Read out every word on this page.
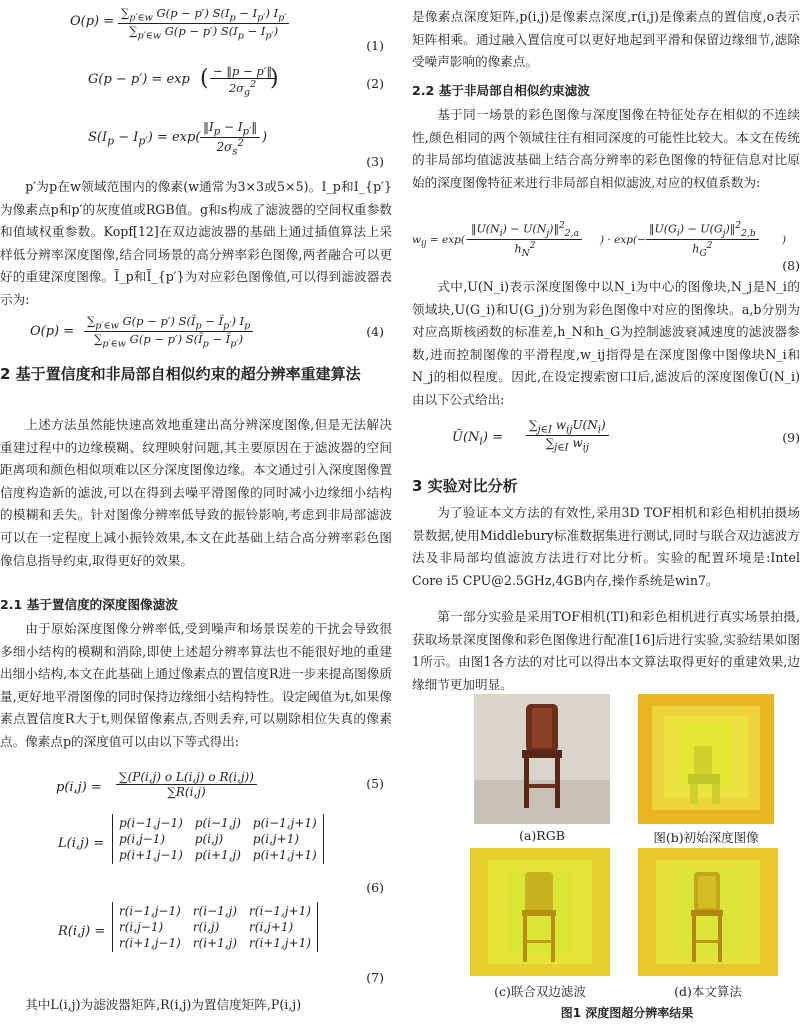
$O(p) = \frac{\sum_{p'\in w} G(p - p') S(I_p - I_{p'}) I_{p'}}{\sum_{p'\in w} G(p - p') S(I_p - I_{p'})}$
(1)
G(p − p′) = exp ( $\frac{- ‖p - p'‖}{2\sigma_g^2}$
)	(2)
$S(I_p - I_{p'}) = \exp( \frac{‖I_p - I_{p'}‖}{2\sigma_s^2}$ )
(3)

p′为p在w领域范围内的像素(w通常为3×3或5×5)。I_p和I_{p′}为像素点p和p′的灰度值或RGB值。g和s构成了滤波器的空间权重参数和值域权重参数。Kopf[12]在双边滤波器的基础上通过插值算法上采样低分辨率深度图像,结合同场景的高分辨率彩色图像,两者融合可以更好的重建深度图像。Ĩ_p和Ĩ_{p′}为对应彩色图像值,可以得到滤波器表示为:

$O(p) = \frac{\sum_{p'\in w} G(p - p') S(Ĩ_p - Ĩ_{p'}) I_p}{\sum_{p'\in w} G(p - p') S(Ĩ_p - Ĩ_{p'})}$	(4)
2 基于置信度和非局部自相似约束的超分辨率重建算法

上述方法虽然能快速高效地重建出高分辨深度图像,但是无法解决重建过程中的边缘模糊、纹理映射问题,其主要原因在于滤波器的空间距离项和颜色相似项难以区分深度图像边缘。本文通过引入深度图像置信度构造新的滤波,可以在得到去噪平滑图像的同时减小边缘细小结构的模糊和丢失。针对图像分辨率低导致的振铃影响,考虑到非局部滤波可以在一定程度上减小振铃效果,本文在此基础上结合高分辨率彩色图像信息指导约束,取得更好的效果。

2.1 基于置信度的深度图像滤波

由于原始深度图像分辨率低,受到噪声和场景误差的干扰会导致很多细小结构的模糊和消除,即使上述超分辨率算法也不能很好地的重建出细小结构,本文在此基础上通过像素点的置信度R进一步来提高图像质量,更好地平滑图像的同时保持边缘细小结构特性。设定阈值为t,如果像素点置信度R大于t,则保留像素点,否则丢弃,可以剔除相位失真的像素点。像素点p的深度值可以由以下等式得出:

$p(i,j) = \frac{\text{∑(P(i,j) o L(i,j) o R(i,j))}}{\sum R(i,j)}$	(5)
L(i,j) =
p(i−1,j−1) p(i−1,j) p(i−1,j+1)
p(i,j−1)	p(i,j)	p(i,j+1)
p(i+1,j−1) p(i+1,j) p(i+1,j+1)
(6)
R(i,j) =
r(i−1,j−1) r(i−1,j) r(i−1,j+1)
r(i,j−1)	r(i,j)	r(i,j+1)
r(i+1,j−1) r(i+1,j) r(i+1,j+1)
(7)

其中L(i,j)为滤波器矩阵,R(i,j)为置信度矩阵,P(i,j)

是像素点深度矩阵,p(i,j)是像素点深度,r(i,j)是像素点的置信度,o表示矩阵相乘。通过融入置信度可以更好地起到平滑和保留边缘细节,滤除受噪声影响的像素点。

2.2 基于非局部自相似约束滤波

基于同一场景的彩色图像与深度图像在特征处存在相似的不连续性,颜色相同的两个领域往往有相同深度的可能性比较大。本文在传统的非局部均值滤波基础上结合高分辨率的彩色图像的特征信息对比原始的深度图像特征来进行非局部自相似滤波,对应的权值系数为:

$w_{ij} = \exp(-$
$\frac{‖U(N_i) - U(N_j)‖^2_{2,a}}{h_N^2}$ ) · $\exp(- \frac{‖U(G_i) - U(G_j)‖^2_{2,b}}{h_G^2}$ )
(8)

式中,U(N_i)表示深度图像中以N_i为中心的图像块,N_j是N_i的领域块,U(G_i)和U(G_j)分别为彩色图像中对应的图像块。a,b分别为对应高斯核函数的标准差,h_N和h_G为控制滤波衰减速度的滤波器参数,进而控制图像的平滑程度,w_ij指得是在深度图像中图像块N_i和N_j的相似程度。因此,在设定搜索窗口I后,滤波后的深度图像Ũ(N_i)由以下公式给出:

$Ũ(N_i)$ =
$\sum_{j\in I}$ $w_{ij}U(N_i)$
$\sum_{j\in I}$ $w_{ij}$
(9)
3 实验对比分析

为了验证本文方法的有效性,采用3D TOF相机和彩色相机拍摄场景数据,使用Middlebury标准数据集进行测试,同时与联合双边滤波方法及非局部均值滤波方法进行对比分析。实验的配置环境是:Intel Core i5 CPU@2.5GHz,4GB内存,操作系统是win7。

第一部分实验是采用TOF相机(TI)和彩色相机进行真实场景拍摄,获取场景深度图像和彩色图像进行配准[16]后进行实验,实验结果如图1所示。由图1各方法的对比可以得出本文算法取得更好的重建效果,边缘细节更加明显。

(a)RGB	图(b)初始深度图像
(c)联合双边滤波	(d)本文算法
图1 深度图超分辨率结果
